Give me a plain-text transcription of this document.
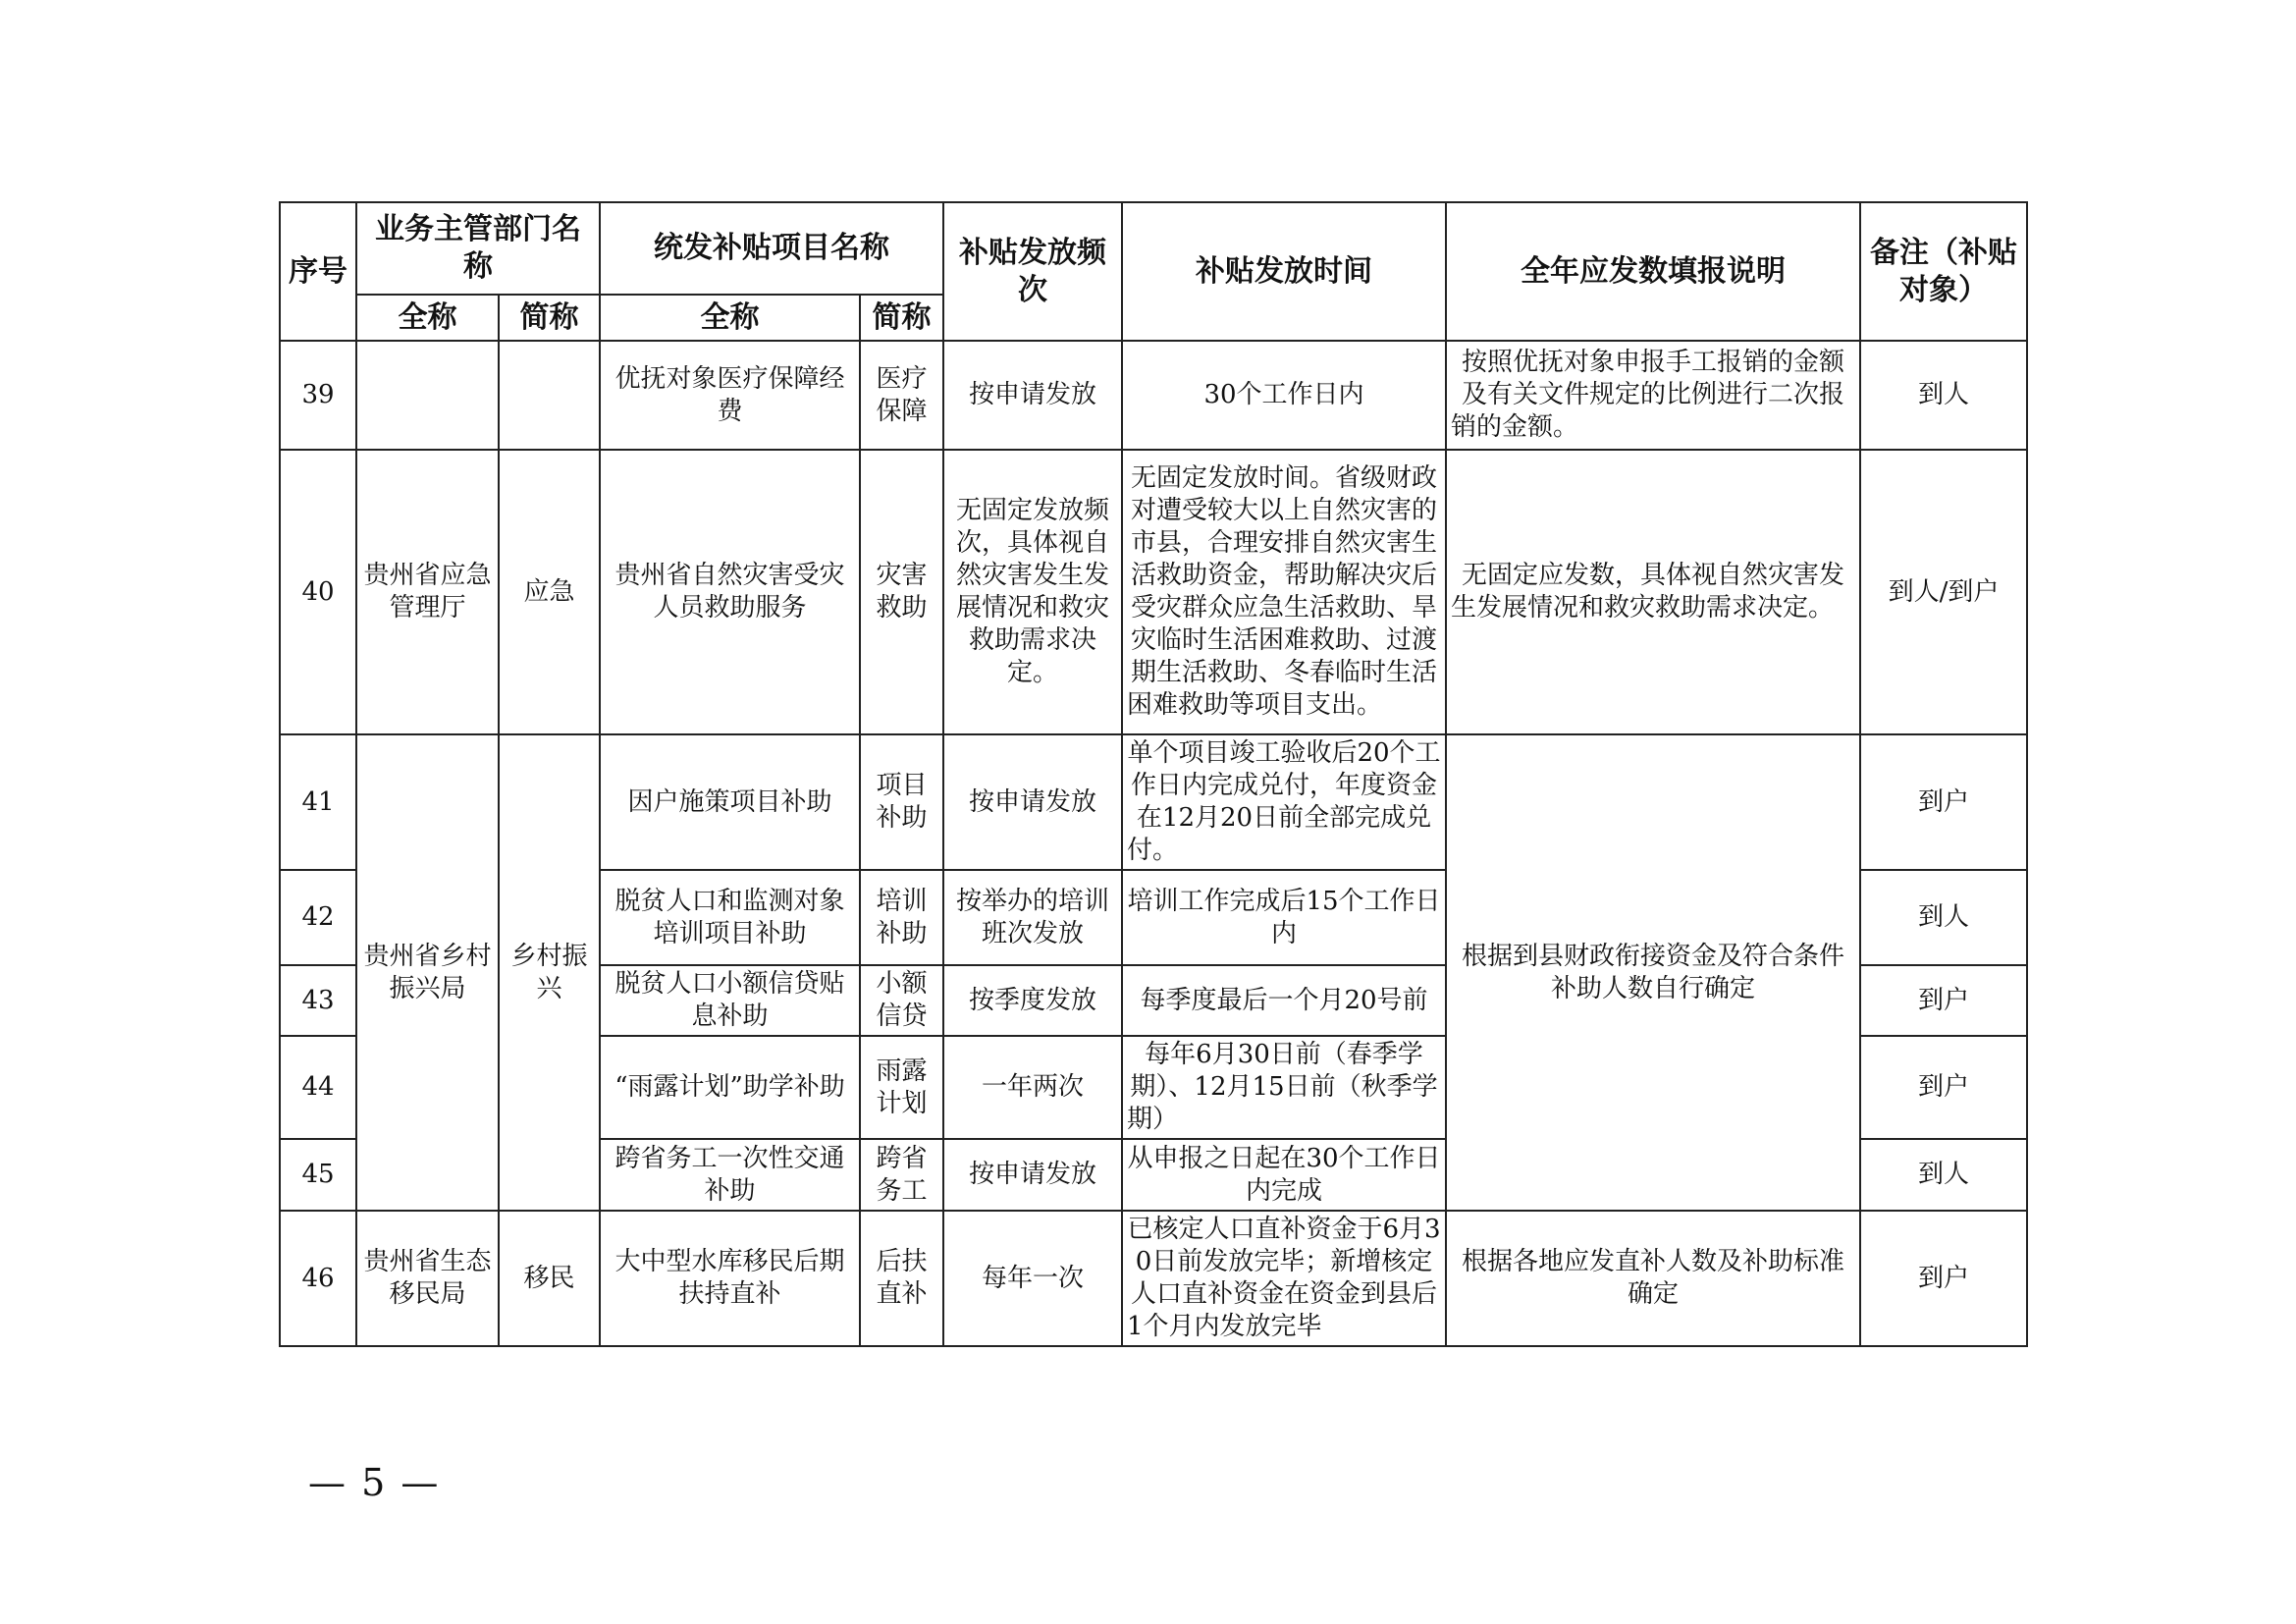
序号	业务主管部门名称		统发补贴项目名称		补贴发放频次	补贴发放时间	全年应发数填报说明	备注（补贴对象）
	全称	简称	全称	简称				
39			优抚对象医疗保障经费	医疗保障	按申请发放	30个工作日内	按照优抚对象申报手工报销的金额及有关文件规定的比例进行二次报销的金额。	到人
40	贵州省应急管理厅	应急	贵州省自然灾害受灾人员救助服务	灾害救助	无固定发放频次，具体视自然灾害发生发展情况和救灾救助需求决定。	无固定发放时间。省级财政对遭受较大以上自然灾害的市县，合理安排自然灾害生活救助资金，帮助解决灾后受灾群众应急生活救助、旱灾临时生活困难救助、过渡期生活救助、冬春临时生活困难救助等项目支出。	无固定应发数，具体视自然灾害发生发展情况和救灾救助需求决定。	到人/到户
41	贵州省乡村振兴局	乡村振兴	因户施策项目补助	项目补助	按申请发放	单个项目竣工验收后20个工作日内完成兑付，年度资金在12月20日前全部完成兑付。	根据到县财政衔接资金及符合条件补助人数自行确定	到户
42			脱贫人口和监测对象培训项目补助	培训补助	按举办的培训班次发放	培训工作完成后15个工作日内		到人
43			脱贫人口小额信贷贴息补助	小额信贷	按季度发放	每季度最后一个月20号前		到户
44			“雨露计划”助学补助	雨露计划	一年两次	每年6月30日前（春季学期）、12月15日前（秋季学期）		到户
45			跨省务工一次性交通补助	跨省务工	按申请发放	从申报之日起在30个工作日内完成		到人
46	贵州省生态移民局	移民	大中型水库移民后期扶持直补	后扶直补	每年一次	已核定人口直补资金于6月30日前发放完毕；新增核定人口直补资金在资金到县后1个月内发放完毕	根据各地应发直补人数及补助标准确定	到户
— 5 —
